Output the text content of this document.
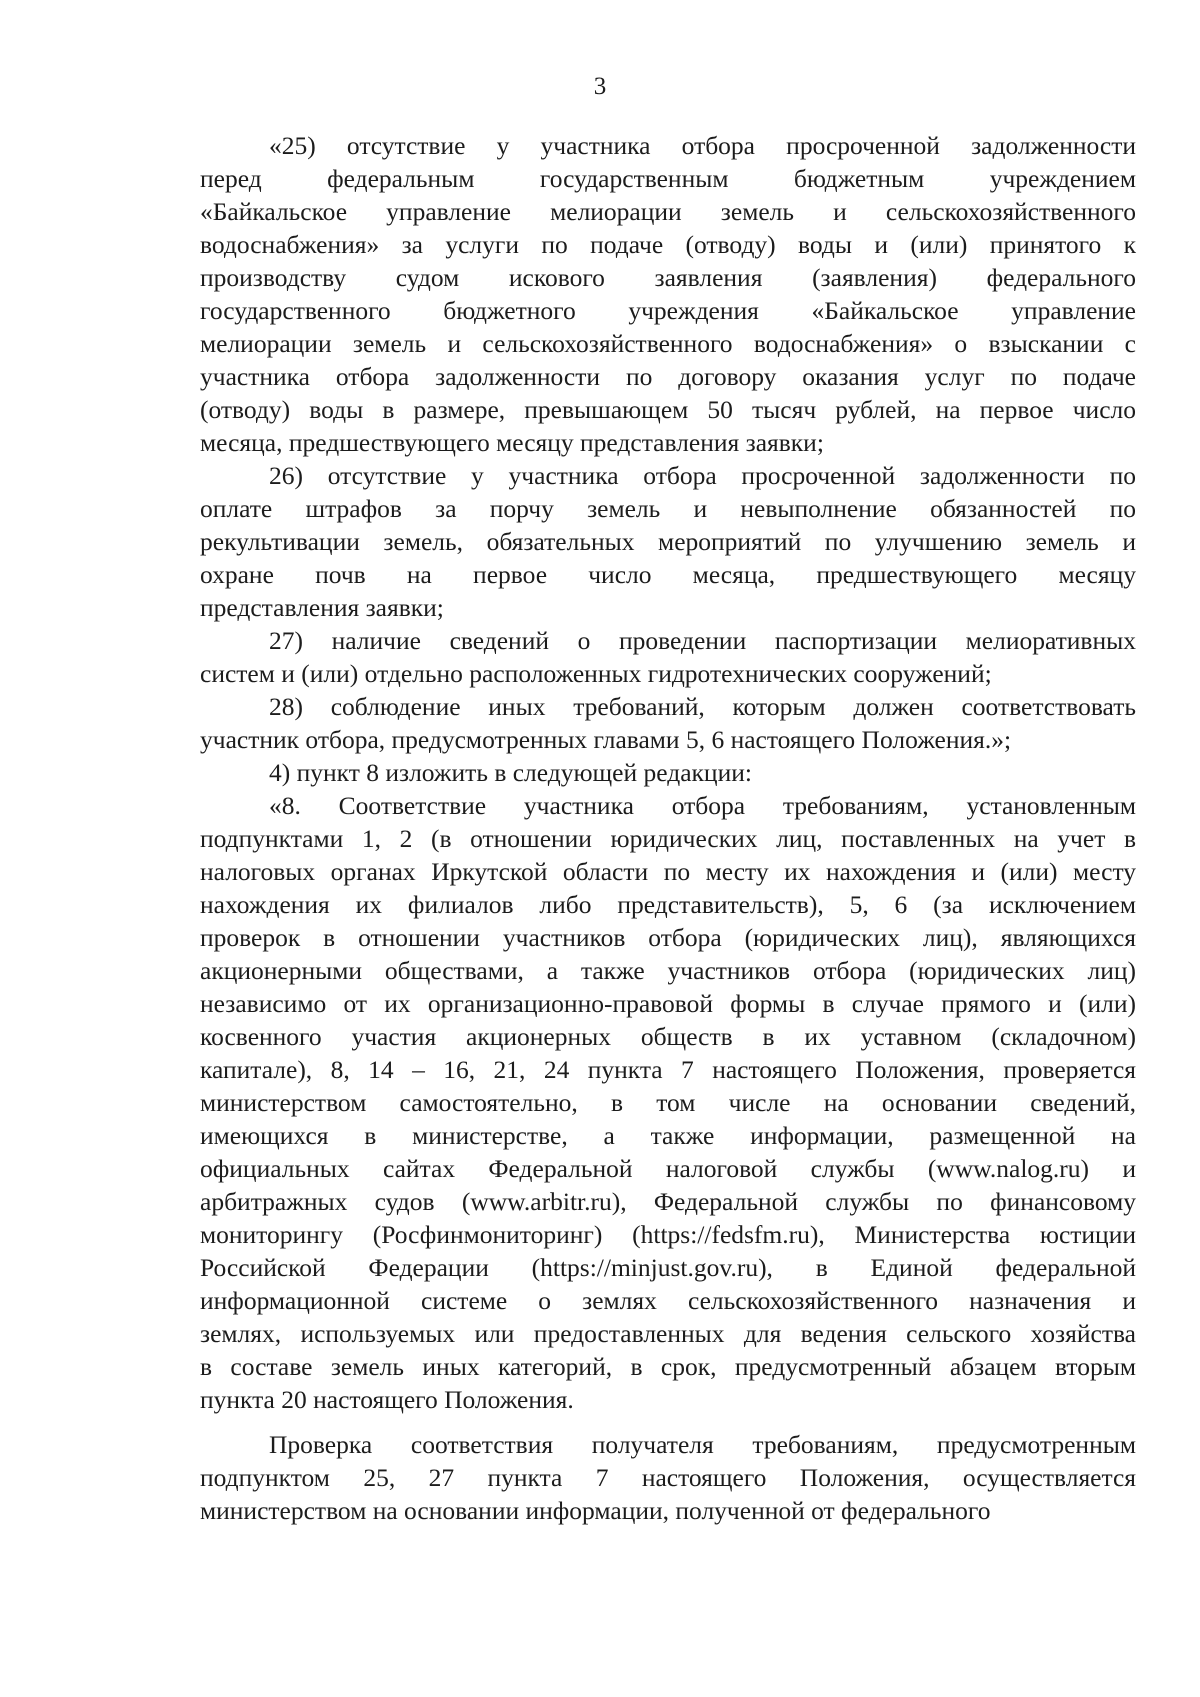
3
«25) отсутствие у участника отбора просроченной задолженности
перед федеральным государственным бюджетным учреждением
«Байкальское управление мелиорации земель и сельскохозяйственного
водоснабжения» за услуги по подаче (отводу) воды и (или) принятого к
производству судом искового заявления (заявления) федерального
государственного бюджетного учреждения «Байкальское управление
мелиорации земель и сельскохозяйственного водоснабжения» о взыскании с
участника отбора задолженности по договору оказания услуг по подаче
(отводу) воды в размере, превышающем 50 тысяч рублей, на первое число
месяца, предшествующего месяцу представления заявки;
26) отсутствие у участника отбора просроченной задолженности по
оплате штрафов за порчу земель и невыполнение обязанностей по
рекультивации земель, обязательных мероприятий по улучшению земель и
охране почв на первое число месяца, предшествующего месяцу
представления заявки;
27) наличие сведений о проведении паспортизации мелиоративных
систем и (или) отдельно расположенных гидротехнических сооружений;
28) соблюдение иных требований, которым должен соответствовать
участник отбора, предусмотренных главами 5, 6 настоящего Положения.»;
4) пункт 8 изложить в следующей редакции:
«8. Соответствие участника отбора требованиям, установленным
подпунктами 1, 2 (в отношении юридических лиц, поставленных на учет в
налоговых органах Иркутской области по месту их нахождения и (или) месту
нахождения их филиалов либо представительств), 5, 6 (за исключением
проверок в отношении участников отбора (юридических лиц), являющихся
акционерными обществами, а также участников отбора (юридических лиц)
независимо от их организационно-правовой формы в случае прямого и (или)
косвенного участия акционерных обществ в их уставном (складочном)
капитале), 8, 14 – 16, 21, 24 пункта 7 настоящего Положения, проверяется
министерством самостоятельно, в том числе на основании сведений,
имеющихся в министерстве, а также информации, размещенной на
официальных сайтах Федеральной налоговой службы (www.nalog.ru) и
арбитражных судов (www.arbitr.ru), Федеральной службы по финансовому
мониторингу (Росфинмониторинг) (https://fedsfm.ru), Министерства юстиции
Российской Федерации (https://minjust.gov.ru), в Единой федеральной
информационной системе о землях сельскохозяйственного назначения и
землях, используемых или предоставленных для ведения сельского хозяйства
в составе земель иных категорий, в срок, предусмотренный абзацем вторым
пункта 20 настоящего Положения.
Проверка соответствия получателя требованиям, предусмотренным
подпунктом 25, 27 пункта 7 настоящего Положения, осуществляется
министерством на основании информации, полученной от федерального
